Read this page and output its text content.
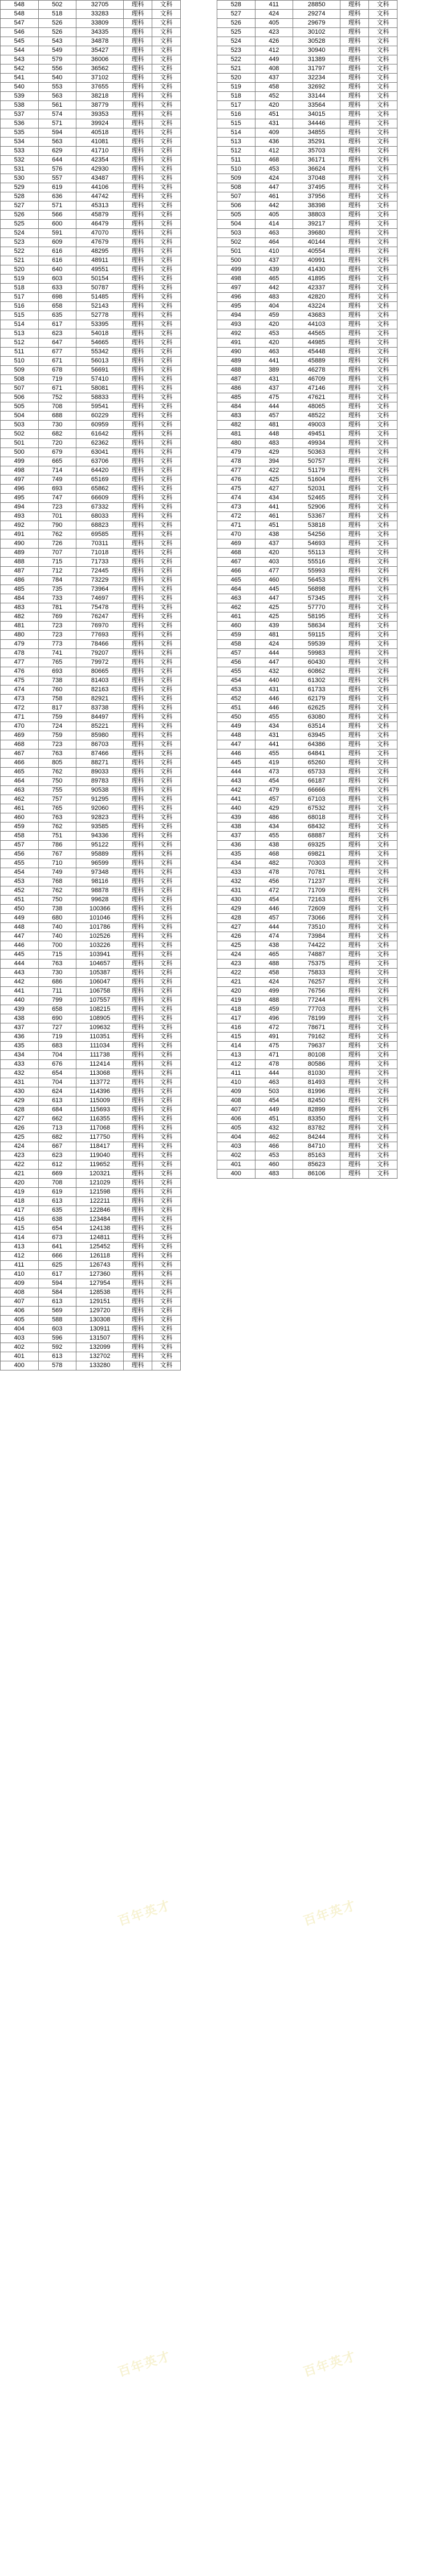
百年英才	百年英才
百年英才	百年英才
548	502	32705	理科	文科		528	411	28850	理科	文科	
548	518	33283	理科	文科		527	424	29274	理科	文科	
547	526	33809	理科	文科		526	405	29679	理科	文科	
546	526	34335	理科	文科		525	423	30102	理科	文科	
545	543	34878	理科	文科		524	426	30528	理科	文科	
544	549	35427	理科	文科		523	412	30940	理科	文科	
543	579	36006	理科	文科		522	449	31389	理科	文科	
542	556	36562	理科	文科		521	408	31797	理科	文科	
541	540	37102	理科	文科		520	437	32234	理科	文科	
540	553	37655	理科	文科		519	458	32692	理科	文科	
539	563	38218	理科	文科		518	452	33144	理科	文科	
538	561	38779	理科	文科		517	420	33564	理科	文科	
537	574	39353	理科	文科		516	451	34015	理科	文科	
536	571	39924	理科	文科		515	431	34446	理科	文科	
535	594	40518	理科	文科		514	409	34855	理科	文科	
534	563	41081	理科	文科		513	436	35291	理科	文科	
533	629	41710	理科	文科		512	412	35703	理科	文科	
532	644	42354	理科	文科		511	468	36171	理科	文科	
531	576	42930	理科	文科		510	453	36624	理科	文科	
530	557	43487	理科	文科		509	424	37048	理科	文科	
529	619	44106	理科	文科		508	447	37495	理科	文科	
528	636	44742	理科	文科		507	461	37956	理科	文科	
527	571	45313	理科	文科		506	442	38398	理科	文科	
526	566	45879	理科	文科		505	405	38803	理科	文科	
525	600	46479	理科	文科		504	414	39217	理科	文科	
524	591	47070	理科	文科		503	463	39680	理科	文科	
523	609	47679	理科	文科		502	464	40144	理科	文科	
522	616	48295	理科	文科		501	410	40554	理科	文科	
521	616	48911	理科	文科		500	437	40991	理科	文科	
520	640	49551	理科	文科		499	439	41430	理科	文科	
519	603	50154	理科	文科		498	465	41895	理科	文科	
518	633	50787	理科	文科		497	442	42337	理科	文科	
517	698	51485	理科	文科		496	483	42820	理科	文科	
516	658	52143	理科	文科		495	404	43224	理科	文科	
515	635	52778	理科	文科		494	459	43683	理科	文科	
514	617	53395	理科	文科		493	420	44103	理科	文科	
513	623	54018	理科	文科		492	453	44565	理科	文科	
512	647	54665	理科	文科		491	420	44985	理科	文科	
511	677	55342	理科	文科		490	463	45448	理科	文科	
510	671	56013	理科	文科		489	441	45889	理科	文科	
509	678	56691	理科	文科		488	389	46278	理科	文科	
508	719	57410	理科	文科		487	431	46709	理科	文科	
507	671	58081	理科	文科		486	437	47146	理科	文科	
506	752	58833	理科	文科		485	475	47621	理科	文科	
505	708	59541	理科	文科		484	444	48065	理科	文科	
504	688	60229	理科	文科		483	457	48522	理科	文科	
503	730	60959	理科	文科		482	481	49003	理科	文科	
502	682	61642	理科	文科		481	448	49451	理科	文科	
501	720	62362	理科	文科		480	483	49934	理科	文科	
500	679	63041	理科	文科		479	429	50363	理科	文科	
499	665	63706	理科	文科		478	394	50757	理科	文科	
498	714	64420	理科	文科		477	422	51179	理科	文科	
497	749	65169	理科	文科		476	425	51604	理科	文科	
496	693	65862	理科	文科		475	427	52031	理科	文科	
495	747	66609	理科	文科		474	434	52465	理科	文科	
494	723	67332	理科	文科		473	441	52906	理科	文科	
493	701	68033	理科	文科		472	461	53367	理科	文科	
492	790	68823	理科	文科		471	451	53818	理科	文科	
491	762	69585	理科	文科		470	438	54256	理科	文科	
490	726	70311	理科	文科		469	437	54693	理科	文科	
489	707	71018	理科	文科		468	420	55113	理科	文科	
488	715	71733	理科	文科		467	403	55516	理科	文科	
487	712	72445	理科	文科		466	477	55993	理科	文科	
486	784	73229	理科	文科		465	460	56453	理科	文科	
485	735	73964	理科	文科		464	445	56898	理科	文科	
484	733	74697	理科	文科		463	447	57345	理科	文科	
483	781	75478	理科	文科		462	425	57770	理科	文科	
482	769	76247	理科	文科		461	425	58195	理科	文科	
481	723	76970	理科	文科		460	439	58634	理科	文科	
480	723	77693	理科	文科		459	481	59115	理科	文科	
479	773	78466	理科	文科		458	424	59539	理科	文科	
478	741	79207	理科	文科		457	444	59983	理科	文科	
477	765	79972	理科	文科		456	447	60430	理科	文科	
476	693	80665	理科	文科		455	432	60862	理科	文科	
475	738	81403	理科	文科		454	440	61302	理科	文科	
474	760	82163	理科	文科		453	431	61733	理科	文科	
473	758	82921	理科	文科		452	446	62179	理科	文科	
472	817	83738	理科	文科		451	446	62625	理科	文科	
471	759	84497	理科	文科		450	455	63080	理科	文科	
470	724	85221	理科	文科		449	434	63514	理科	文科	
469	759	85980	理科	文科		448	431	63945	理科	文科	
468	723	86703	理科	文科		447	441	64386	理科	文科	
467	763	87466	理科	文科		446	455	64841	理科	文科	
466	805	88271	理科	文科		445	419	65260	理科	文科	
465	762	89033	理科	文科		444	473	65733	理科	文科	
464	750	89783	理科	文科		443	454	66187	理科	文科	
463	755	90538	理科	文科		442	479	66666	理科	文科	
462	757	91295	理科	文科		441	457	67103	理科	文科	
461	765	92060	理科	文科		440	429	67532	理科	文科	
460	763	92823	理科	文科		439	486	68018	理科	文科	
459	762	93585	理科	文科		438	434	68432	理科	文科	
458	751	94336	理科	文科		437	455	68887	理科	文科	
457	786	95122	理科	文科		436	438	69325	理科	文科	
456	767	95889	理科	文科		435	468	69821	理科	文科	
455	710	96599	理科	文科		434	482	70303	理科	文科	
454	749	97348	理科	文科		433	478	70781	理科	文科	
453	768	98116	理科	文科		432	456	71237	理科	文科	
452	762	98878	理科	文科		431	472	71709	理科	文科	
451	750	99628	理科	文科		430	454	72163	理科	文科	
450	738	100366	理科	文科		429	446	72609	理科	文科	
449	680	101046	理科	文科		428	457	73066	理科	文科	
448	740	101786	理科	文科		427	444	73510	理科	文科	
447	740	102526	理科	文科		426	474	73984	理科	文科	
446	700	103226	理科	文科		425	438	74422	理科	文科	
445	715	103941	理科	文科		424	465	74887	理科	文科	
444	763	104657	理科	文科		423	488	75375	理科	文科	
443	730	105387	理科	文科		422	458	75833	理科	文科	
442	686	106047	理科	文科		421	424	76257	理科	文科	
441	711	106758	理科	文科		420	499	76756	理科	文科	
440	799	107557	理科	文科		419	488	77244	理科	文科	
439	658	108215	理科	文科		418	459	77703	理科	文科	
438	690	108905	理科	文科		417	496	78199	理科	文科	
437	727	109632	理科	文科		416	472	78671	理科	文科	
436	719	110351	理科	文科		415	491	79162	理科	文科	
435	683	111034	理科	文科		414	475	79637	理科	文科	
434	704	111738	理科	文科		413	471	80108	理科	文科	
433	676	112414	理科	文科		412	478	80586	理科	文科	
432	654	113068	理科	文科		411	444	81030	理科	文科	
431	704	113772	理科	文科		410	463	81493	理科	文科	
430	624	114396	理科	文科		409	503	81996	理科	文科	
429	613	115009	理科	文科		408	454	82450	理科	文科	
428	684	115693	理科	文科		407	449	82899	理科	文科	
427	662	116355	理科	文科		406	451	83350	理科	文科	
426	713	117068	理科	文科		405	432	83782	理科	文科	
425	682	117750	理科	文科		404	462	84244	理科	文科	
424	667	118417	理科	文科		403	466	84710	理科	文科	
423	623	119040	理科	文科		402	453	85163	理科	文科	
422	612	119652	理科	文科		401	460	85623	理科	文科	
421	669	120321	理科	文科		400	483	86106	理科	文科	
420	708	121029	理科	文科							
419	619	121598	理科	文科							
418	613	122211	理科	文科							
417	635	122846	理科	文科							
416	638	123484	理科	文科							
415	654	124138	理科	文科							
414	673	124811	理科	文科							
413	641	125452	理科	文科							
412	666	126118	理科	文科							
411	625	126743	理科	文科							
410	617	127360	理科	文科							
409	594	127954	理科	文科							
408	584	128538	理科	文科							
407	613	129151	理科	文科							
406	569	129720	理科	文科							
405	588	130308	理科	文科							
404	603	130911	理科	文科							
403	596	131507	理科	文科							
402	592	132099	理科	文科							
401	613	132702	理科	文科							
400	578	133280	理科	文科							
